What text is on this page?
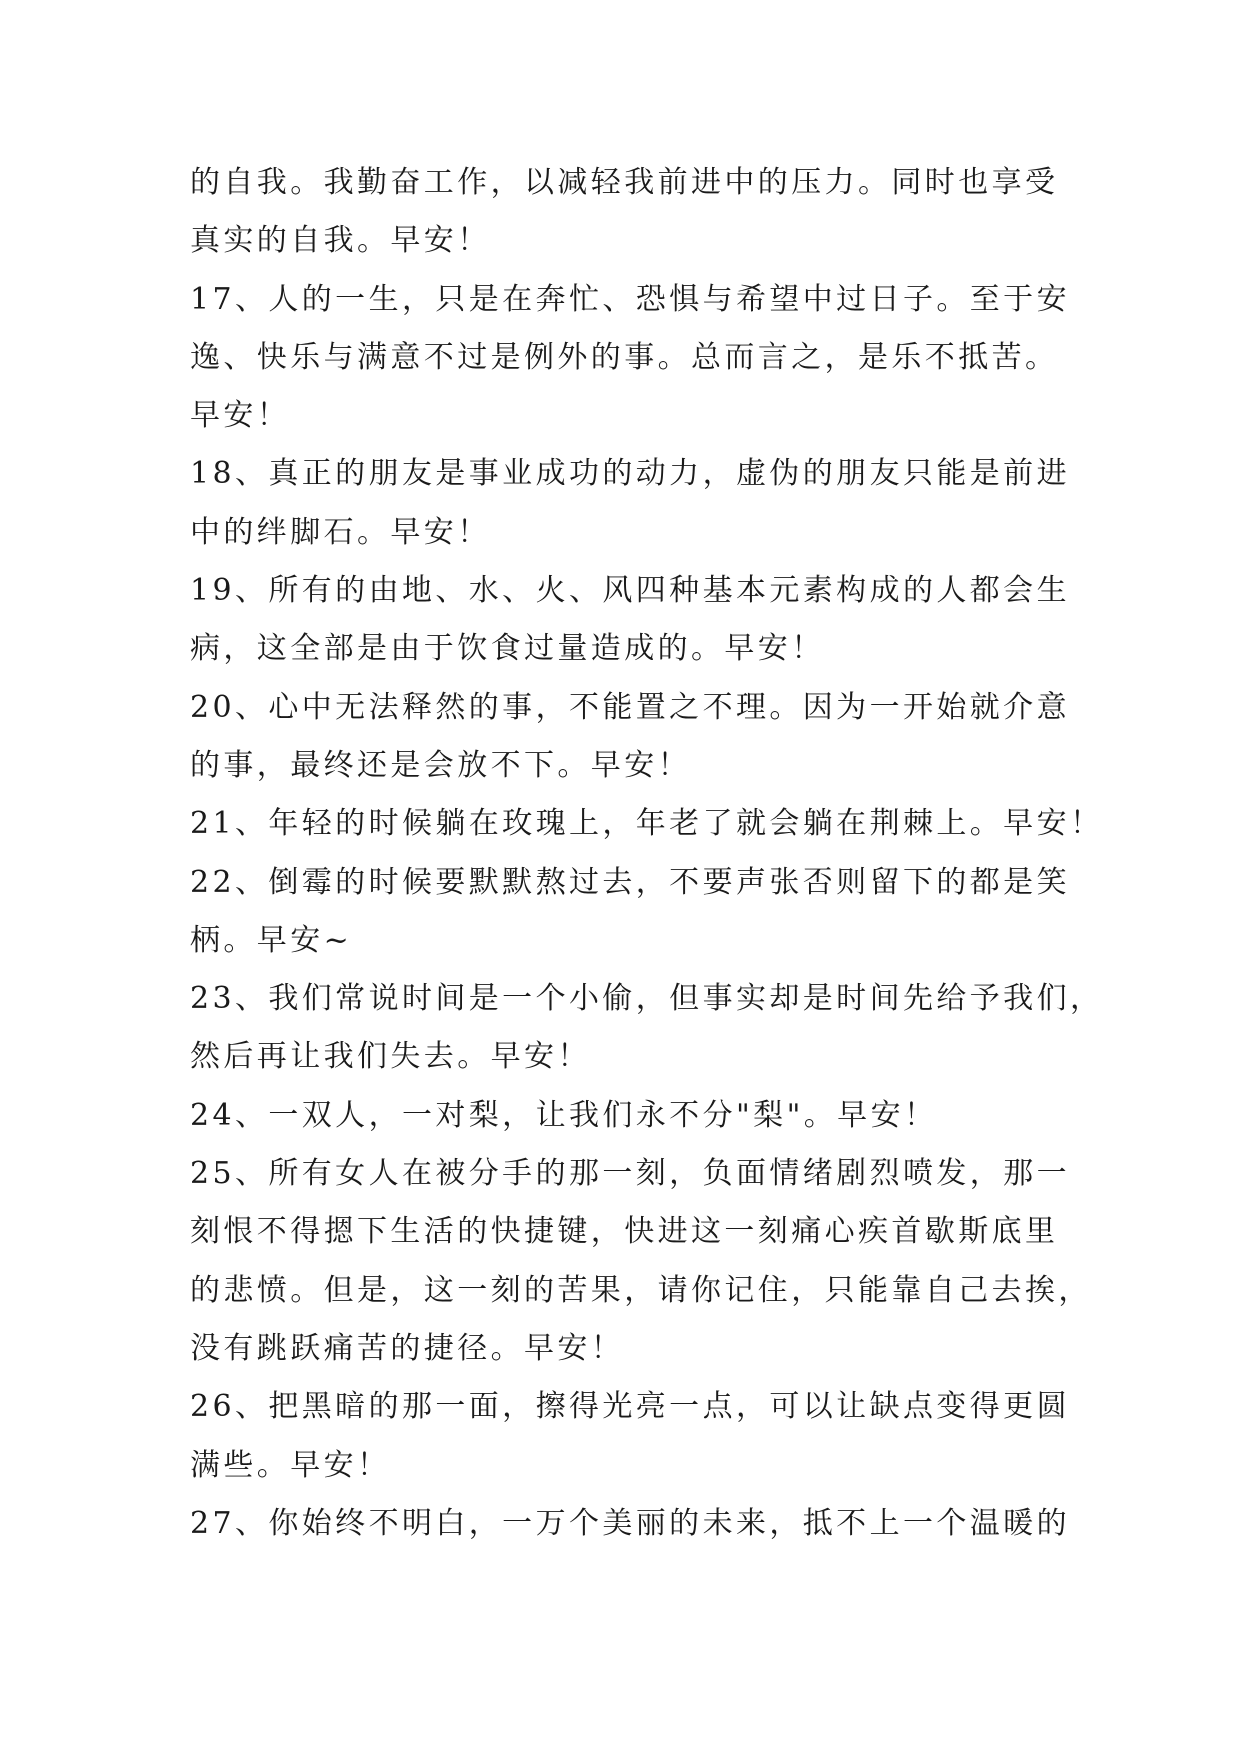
的自我。我勤奋工作，以减轻我前进中的压力。同时也享受
真实的自我。早安！
17、人的一生，只是在奔忙、恐惧与希望中过日子。至于安
逸、快乐与满意不过是例外的事。总而言之，是乐不抵苦。
早安！
18、真正的朋友是事业成功的动力，虚伪的朋友只能是前进
中的绊脚石。早安！
19、所有的由地、水、火、风四种基本元素构成的人都会生
病，这全部是由于饮食过量造成的。早安！
20、心中无法释然的事，不能置之不理。因为一开始就介意
的事，最终还是会放不下。早安！
21、年轻的时候躺在玫瑰上，年老了就会躺在荆棘上。早安！
22、倒霉的时候要默默熬过去，不要声张否则留下的都是笑
柄。早安~
23、我们常说时间是一个小偷，但事实却是时间先给予我们，
然后再让我们失去。早安！
24、一双人，一对梨，让我们永不分"梨"。早安！
25、所有女人在被分手的那一刻，负面情绪剧烈喷发，那一
刻恨不得摁下生活的快捷键，快进这一刻痛心疾首歇斯底里
的悲愤。但是，这一刻的苦果，请你记住，只能靠自己去挨，
没有跳跃痛苦的捷径。早安！
26、把黑暗的那一面，擦得光亮一点，可以让缺点变得更圆
满些。早安！
27、你始终不明白，一万个美丽的未来，抵不上一个温暖的
